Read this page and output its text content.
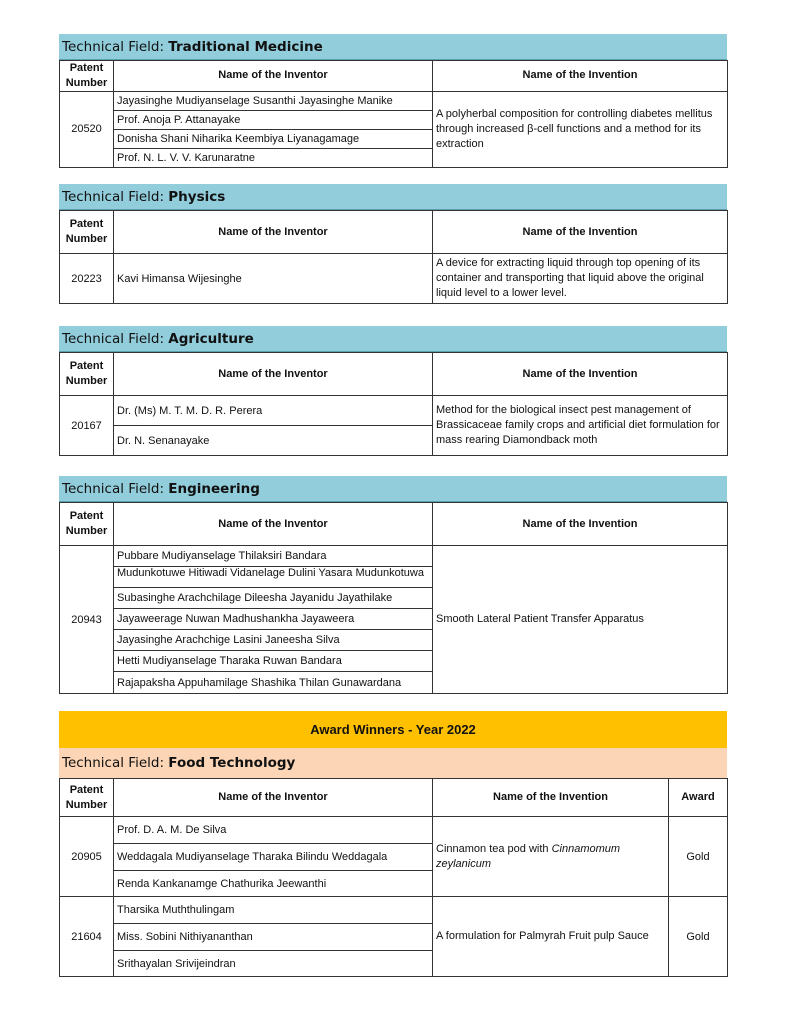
Technical Field: Traditional Medicine
Patent Number	Name of the Inventor	Name of the Invention
20520	Jayasinghe Mudiyanselage Susanthi Jayasinghe Manike	A polyherbal composition for controlling diabetes mellitus through increased β-cell functions and a method for its extraction
	Prof. Anoja P. Attanayake	
	Donisha Shani Niharika Keembiya Liyanagamage	
	Prof. N. L. V. V. Karunaratne	
Technical Field: Physics
Patent Number	Name of the Inventor	Name of the Invention
20223	Kavi Himansa Wijesinghe	A device for extracting liquid through top opening of its container and transporting that liquid above the original liquid level to a lower level.
Technical Field: Agriculture
Patent Number	Name of the Inventor	Name of the Invention
20167	Dr. (Ms) M. T. M. D. R. Perera	Method for the biological insect pest management of Brassicaceae family crops and artificial diet formulation for mass rearing Diamondback moth
	Dr. N. Senanayake	
Technical Field: Engineering
Patent Number	Name of the Inventor	Name of the Invention
20943	Pubbare Mudiyanselage Thilaksiri Bandara	Smooth Lateral Patient Transfer Apparatus

	Mudunkotuwe Hitiwadi Vidanelage Dulini Yasara Mudunkotuwa	

	Subasinghe Arachchilage Dileesha Jayanidu Jayathilake	
	Jayaweerage Nuwan Madhushankha Jayaweera	
	Jayasinghe Arachchige Lasini Janeesha Silva	
	Hetti Mudiyanselage Tharaka Ruwan Bandara	
	Rajapaksha Appuhamilage Shashika Thilan Gunawardana	
Award Winners - Year 2022
Technical Field: Food Technology
Patent Number	Name of the Inventor	Name of the Invention	Award
20905	Prof. D. A. M. De Silva	Cinnamon tea pod with Cinnamomum zeylanicum	Gold
	Weddagala Mudiyanselage Tharaka Bilindu Weddagala		
	Renda Kankanamge Chathurika Jeewanthi		
21604	Tharsika Muththulingam	A formulation for Palmyrah Fruit pulp Sauce	Gold
	Miss. Sobini Nithiyananthan		
	Srithayalan Srivijeindran		
